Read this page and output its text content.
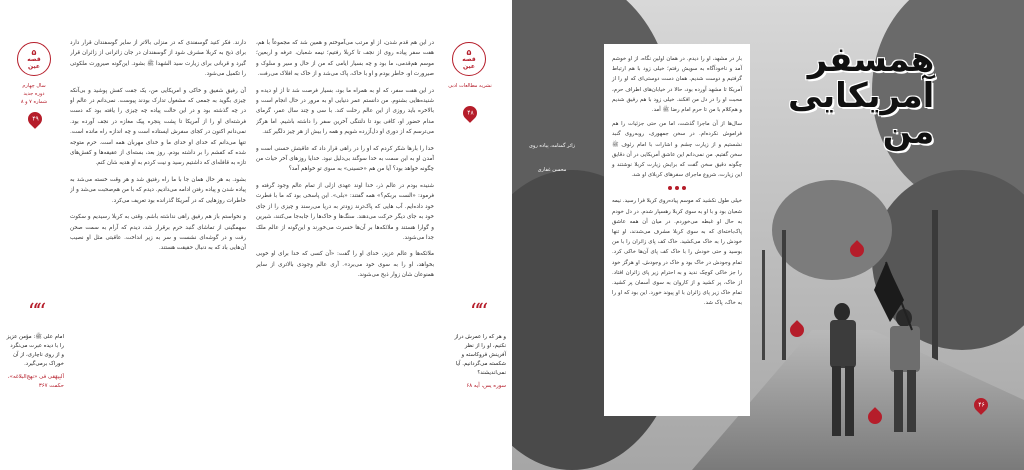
““
امام علی ﷺ: مؤمن عزیز را با دیده عبرت می‌نگرد و از روی ناچاری، از آن خوراک برمی‌گیرد.
اَلبِیهَقی فی «نهج‌البلاغه»، حکمت ۳۶۷
۵
قصه
عین
سال چهارم
دوره جدید
شماره ۷ و ۸
۴۹

دارند. فکر کنید گوسفندی که در منزلی بالاتر از سایر گوسفندان قرار دارد برای ذبح به کربلا مشرف شود از گوسفندان در جان زائرانی از زائران قرار گیرد و قربانی برای زیارت سید الشهدا ﷺ بشود. این‌گونه صیرورت ملکوتی را تکمیل می‌شود.

آن رفیق شفیق و خاکی و امریکایی من، یک جفت کفش پوشید و بی‌آنکه چیزی بگوید به جمعی که مشغول تدارک بودند پیوست. نمی‌دانم در عالم او در چه گذشته بود و در این حالت پیاده چه چیزی را یافته بود که دست فرشته‌ای او را از آمریکا تا پشت پنجره پیک مغازه در نجف آورده بود. نمی‌دانم اکنون در کجای سفرش ایستاده است و چه اندازه راه مانده است. تنها می‌دانم که خدای او خدای ما و خدای مهربان همه است. حرم متوجه شده که کفشم را بر داشته بودم. روز بعد، بسته‌ای از عقیقه‌ها و کفش‌های تازه به قافله‌ای که داشتیم رسید و نیت کردم به او هدیه شان کنم.

بشود. به هر حال همان جا با ما راه رفتیق شد و هر وقت خسته می‌شد به پیاده شدن و پیاده رفتن ادامه می‌دادیم. دیدم که با من هم‌صحبت می‌شد و از خاطرات روزهایی که در آمریکا گذرانده بود تعریف می‌کرد.

و نخواستم باز هم رفیق راهی نداشته باشم. وقتی به کربلا رسیدیم و سکوت سهمگینی از تماشای گنبد حرم برقرار شد، دیدم که آرام به سمت صحن رفت و در گوشه‌ای نشست و سر به زیر انداخت. عاقبتی مثل او نصیب آن‌هایی باد که به دنبال حقیقت هستند.

در این هم قدم شدن، از او مرتب می‌آموختم و همین شد که مجموعاً با هم، هفت سفر پیاده روی از نجف تا کربلا رفتیم؛ نیمه شعبان، عرفه و اربعین؛ موسم هم‌قدمی، ما بود و چه بسیار ایامی که من از حال و سیر و سلوک و صیرورت او، خاطر بودم و او با خاک، پاک می‌شد و از خاک به افلاک می‌رفت.

در این هفت سفر، که او به همراه ما بود، بسیار فرصت شد تا از او دیده و شنیده‌هایی بشنوم. من دانستم عمر دنیایی او به مرور در حال انجام است و بالاخره باید روزی از این عالم رحلت کند. با سی و چند سال عمر، گرمای مدام حضور او، کافی بود تا دلتنگی آخرین سفر را داشته باشیم. اما هرگز می‌ترسم که از دوری او دل‌آزرده شویم و همه را بیش از هر چیز دلگیر کند.

خدا را بارها شکر کردم که او را در راهی قرار داد که عاقبتش حسنی است و آمدن او به این سمت به خدا سوگند بی‌دلیل نبود. خدایا روزهای آخر حیات من چگونه خواهد بود؟ آیا من هم «حسینی» به سوی تو خواهم آمد؟

شنیده بودم در عالم ذر، خدا اوند عهدی ازلی از تمام عالم وجود گرفته و فرمود: «الست بربکم؟» همه گفتند: «بلی». این پاسخی بود که ما با فطرت خود داده‌ایم. آب هایی که پاک‌ترند زودتر به دریا می‌رسند و چیزی را از جای خود به جای دیگر حرکت می‌دهند. سنگ‌ها و خاک‌ها را جابه‌جا می‌کنند، شیرین و گوارا هستند و ملائکه‌ها بر آن‌ها حسرت می‌خورند و این‌گونه از عالم ملک جدا می‌شوند.

ملائکه‌ها و عالم عزیز، خدای او را گفت: «آن کسی که خدا برای او خوبی بخواهد، او را به سوی خود می‌برد». آری عالم وجودی بالاتری از سایر همنوعان شان زوار ذبح می‌شوند.

۵
قصه
عین
نشریه مطالعات ادبی
۴۸
““
و هر که را عمرش دراز نکنیم، او را از نظر آفرینش فروکاسته و شکسته می‌گردانیم. آیا نمی‌اندیشند؟
سوره یس، آیه ۶۸

بار در مشهد، او را دیدم. در همان اولین نگاه، از او خوشم آمد و ناخودآگاه به سویش رفتم؛ خیلی زود با هم ارتباط گرفتیم و دوست شدیم. همان دست دوستی‌ای که او را از آمریکا تا مشهد آورده بود، حالا در خیابان‌های اطراف حرم، محبت او را در دل من افکند. خیلی زود با هم رفیق شدیم و هم‌کلام با من تا حرم امام رضا ﷺ آمد.

سال‌ها از آن ماجرا گذشت، اما من حتی جزئیات را هم فراموش نکرده‌ام. در سخن جمهوری، روبه‌روی گنبد نشستیم و از زیارت چشم و اشارات با امام رئوف ﷺ سخن گفتیم. من نمی‌دانم این عاشق آمریکایی در آن دقایق چگونه دقیق سخن گفت که برایش زیارت کربلا نوشتند و این زیارت، شروع ماجرای سفرهای کربلای او شد.

خیلی طول نکشید که موسم پیاده‌روی کربلا فرا رسید. نیمه شعبان بود و با او به سوی کربلا رهسپار شدم. در دل خودم به حال او غبطه می‌خوردم. در میان آن همه عاشق پاک‌باخته‌ای که به سوی کربلا مشرف می‌شدند، او تنها خودش را به خاک می‌کشید. خاک کف پای زائران را با من بوسید و حتی خودش را با خاک کف پای آن‌ها خاکی کرد. تمام وجودش در خاک بود و خاک در وجودش. او هرگز خود را جز خاکی کوچک ندید و به احترام زیر پای زائران افتاد. از خاک، پر کشید و از کاروان به سوی آسمان پر کشید. تمام خاک زیر پای زائران با او پیوند خورد. این بود که او را به خاک، پاک شد.

همسفر
آمریکایی
من
۴۶
زائر گمنامه، پیاده روی
محسن غفاری
